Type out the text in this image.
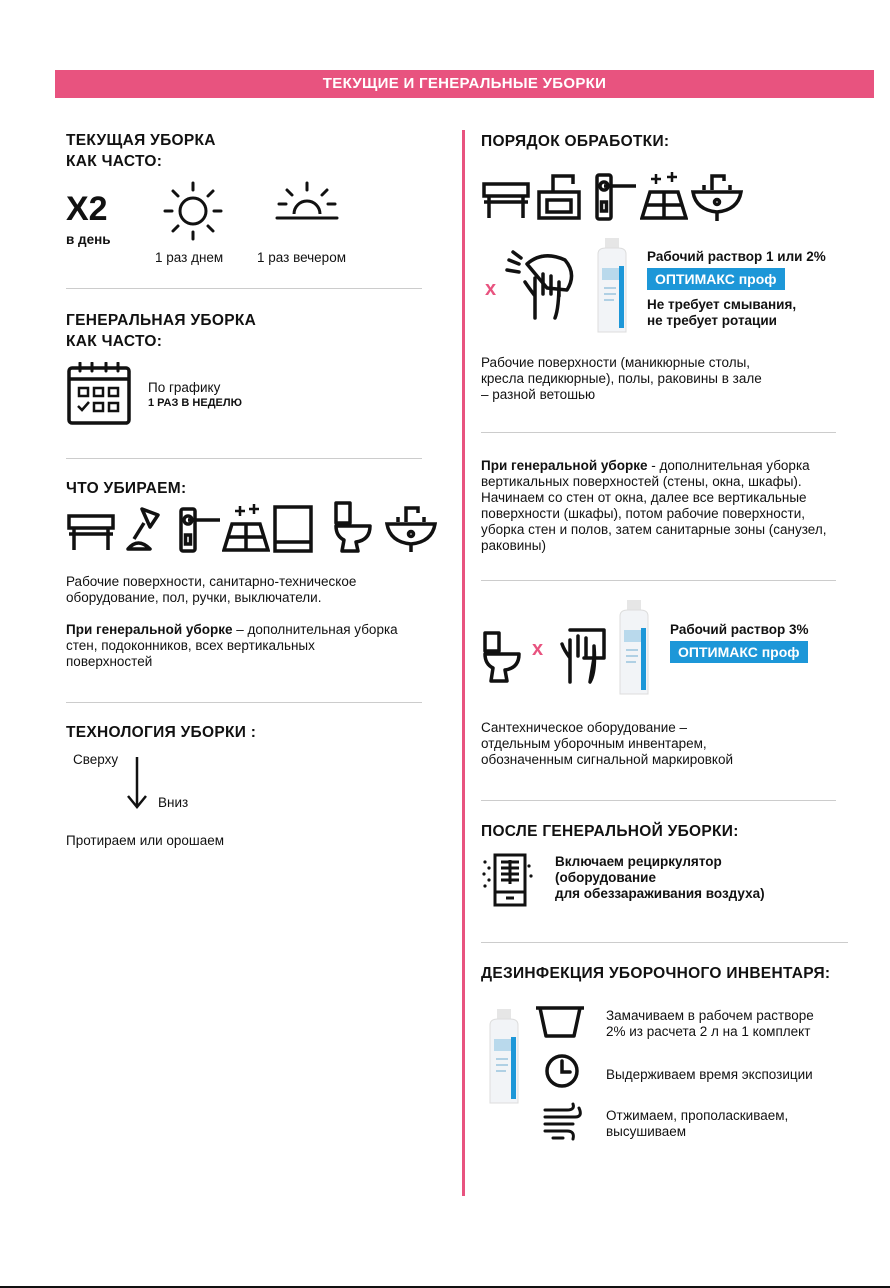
ТЕКУЩИЕ И ГЕНЕРАЛЬНЫЕ УБОРКИ
ТЕКУЩАЯ УБОРКА
КАК ЧАСТО:
X2
в день
1 раз днем	1 раз вечером
ГЕНЕРАЛЬНАЯ УБОРКА
КАК ЧАСТО:
По графику
1 РАЗ В НЕДЕЛЮ
ЧТО УБИРАЕМ:
Рабочие поверхности, санитарно-техническое
оборудование, пол, ручки, выключатели.
При генеральной уборке – дополнительная уборка
стен, подоконников, всех вертикальных
поверхностей
ТЕХНОЛОГИЯ УБОРКИ :
Сверху
Вниз
Протираем или орошаем
ПОРЯДОК ОБРАБОТКИ:
x
Рабочий раствор 1 или 2%
ОПТИМАКС проф
Не требует смывания,
не требует ротации
Рабочие поверхности (маникюрные столы,
кресла педикюрные), полы, раковины в зале
– разной ветошью
При генеральной уборке - дополнительная уборка
вертикальных поверхностей (стены, окна, шкафы).
Начинаем со стен от окна, далее все вертикальные
поверхности (шкафы), потом рабочие поверхности,
уборка стен и полов, затем санитарные зоны (санузел,
раковины)
x
Рабочий раствор 3%
ОПТИМАКС проф
Сантехническое оборудование –
отдельным уборочным инвентарем,
обозначенным сигнальной маркировкой
ПОСЛЕ ГЕНЕРАЛЬНОЙ УБОРКИ:
Включаем рециркулятор
(оборудование
для обеззараживания воздуха)
ДЕЗИНФЕКЦИЯ УБОРОЧНОГО ИНВЕНТАРЯ:
Замачиваем в рабочем растворе
2% из расчета 2 л на 1 комплект
Выдерживаем время экспозиции
Отжимаем, прополаскиваем,
высушиваем
